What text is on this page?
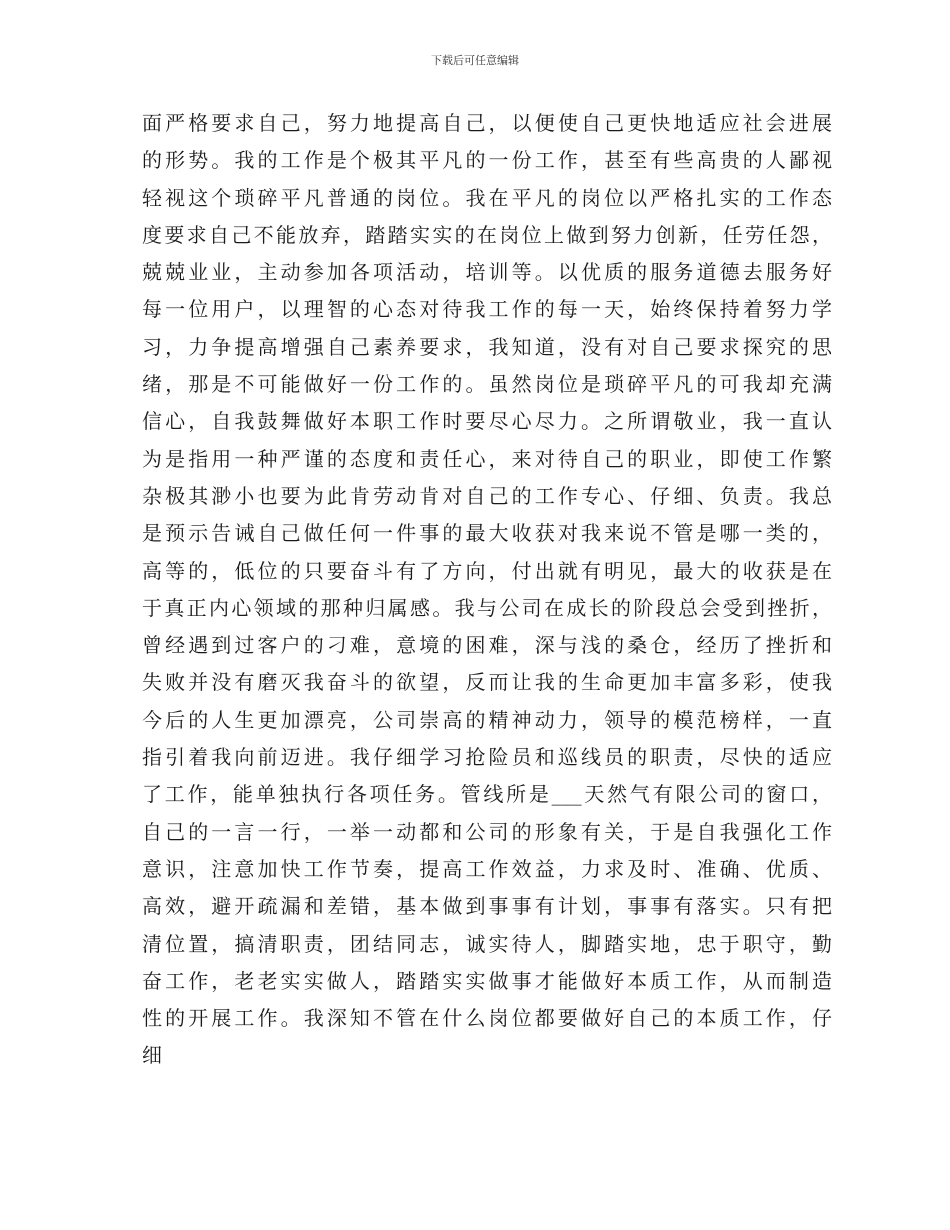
下载后可任意编辑
面严格要求自己，努力地提高自己，以便使自己更快地适应社会进展
的形势。我的工作是个极其平凡的一份工作，甚至有些高贵的人鄙视
轻视这个琐碎平凡普通的岗位。我在平凡的岗位以严格扎实的工作态
度要求自己不能放弃，踏踏实实的在岗位上做到努力创新，任劳任怨，
兢兢业业，主动参加各项活动，培训等。以优质的服务道德去服务好
每一位用户，以理智的心态对待我工作的每一天，始终保持着努力学
习，力争提高增强自己素养要求，我知道，没有对自己要求探究的思
绪，那是不可能做好一份工作的。虽然岗位是琐碎平凡的可我却充满
信心，自我鼓舞做好本职工作时要尽心尽力。之所谓敬业，我一直认
为是指用一种严谨的态度和责任心，来对待自己的职业，即使工作繁
杂极其渺小也要为此肯劳动肯对自己的工作专心、仔细、负责。我总
是预示告诫自己做任何一件事的最大收获对我来说不管是哪一类的，
高等的，低位的只要奋斗有了方向，付出就有明见，最大的收获是在
于真正内心领域的那种归属感。我与公司在成长的阶段总会受到挫折，
曾经遇到过客户的刁难，意境的困难，深与浅的桑仓，经历了挫折和
失败并没有磨灭我奋斗的欲望，反而让我的生命更加丰富多彩，使我
今后的人生更加漂亮，公司崇高的精神动力，领导的模范榜样，一直
指引着我向前迈进。我仔细学习抢险员和巡线员的职责，尽快的适应
了工作，能单独执行各项任务。管线所是___天然气有限公司的窗口，
自己的一言一行，一举一动都和公司的形象有关，于是自我强化工作
意识，注意加快工作节奏，提高工作效益，力求及时、准确、优质、
高效，避开疏漏和差错，基本做到事事有计划，事事有落实。只有把
清位置，搞清职责，团结同志，诚实待人，脚踏实地，忠于职守，勤
奋工作，老老实实做人，踏踏实实做事才能做好本质工作，从而制造
性的开展工作。我深知不管在什么岗位都要做好自己的本质工作，仔
细
